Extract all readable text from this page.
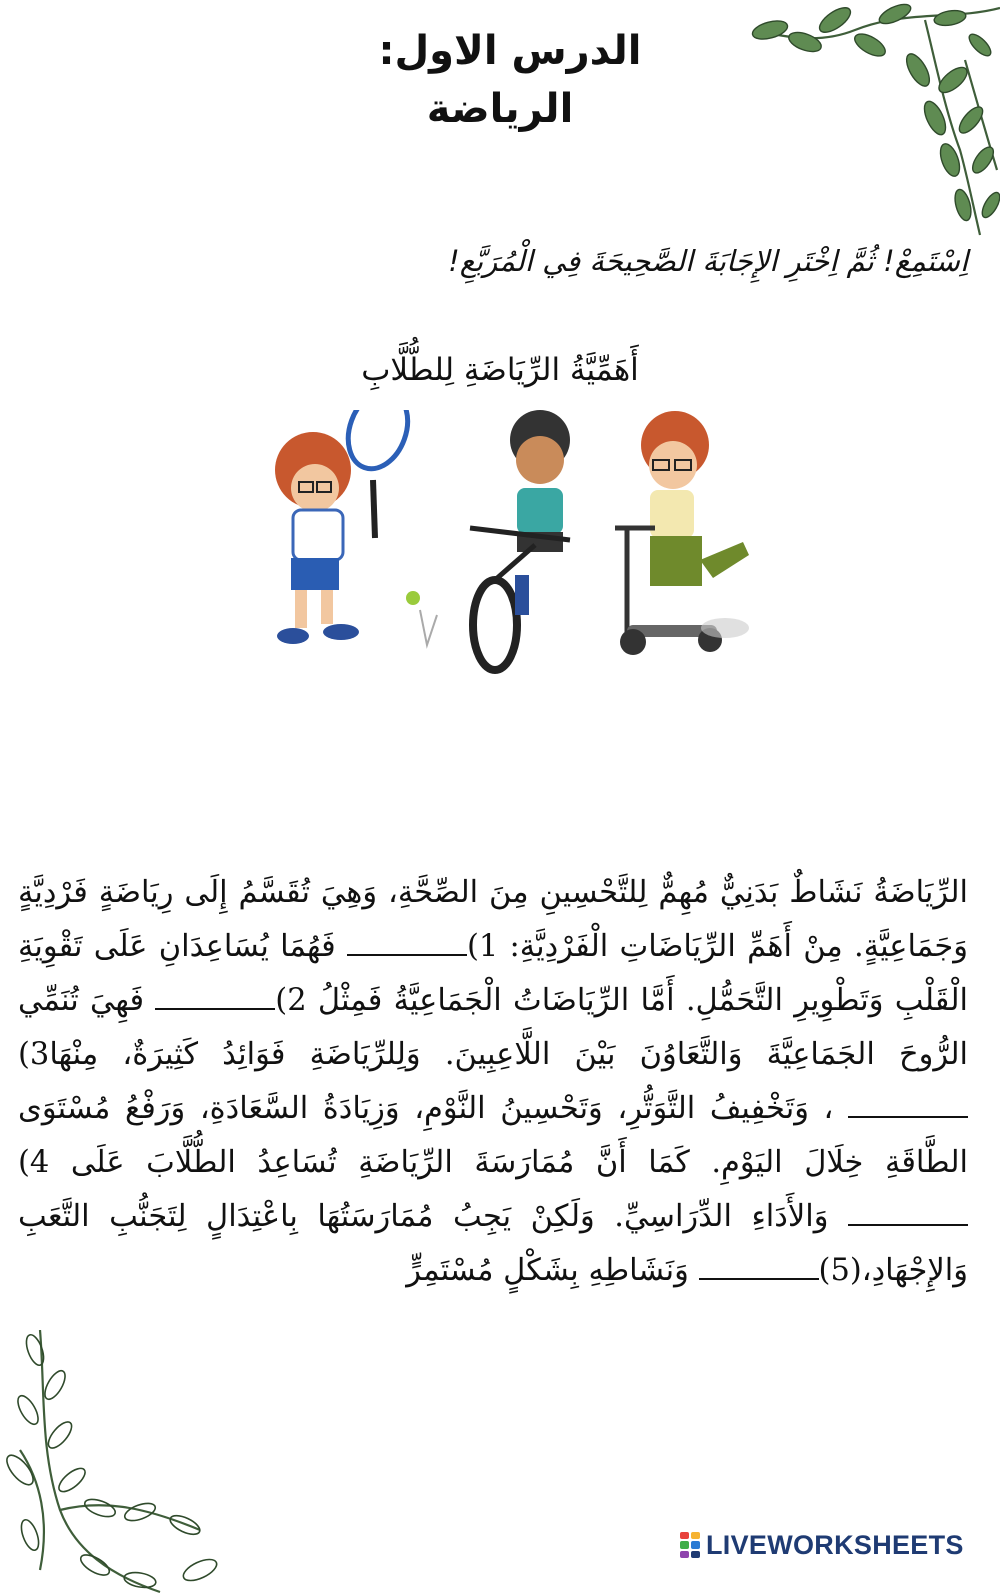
الدرس الاول:
الرياضة
اِسْتَمِعْ! ثُمَّ اِخْتَرِ الإِجَابَةَ الصَّحِيحَةَ فِي الْمُرَبَّعِ!
أَهَمِّيَّةُ الرِّيَاضَةِ لِلطُّلَّابِ
الرِّيَاضَةُ نَشَاطٌ بَدَنِيٌّ مُهِمٌّ لِلتَّحْسِينِ مِنَ الصِّحَّةِ، وَهِيَ تُقَسَّمُ إِلَى رِيَاضَةٍ فَرْدِيَّةٍ وَجَمَاعِيَّةٍ. مِنْ أَهَمِّ الرِّيَاضَاتِ الْفَرْدِيَّةِ: 1) فَهُمَا يُسَاعِدَانِ عَلَى تَقْوِيَةِ الْقَلْبِ وَتَطْوِيرِ التَّحَمُّلِ. أَمَّا الرِّيَاضَاتُ الْجَمَاعِيَّةُ فَمِثْلُ 2) فَهِيَ تُنَمِّي الرُّوحَ الجَمَاعِيَّةَ وَالتَّعَاوُنَ بَيْنَ اللَّاعِبِينَ. وَلِلرِّيَاضَةِ فَوَائِدُ كَثِيرَةٌ، مِنْهَا3) ، وَتَخْفِيفُ التَّوَتُّرِ، وَتَحْسِينُ النَّوْمِ، وَزِيَادَةُ السَّعَادَةِ، وَرَفْعُ مُسْتَوَى الطَّاقَةِ خِلَالَ اليَوْمِ. كَمَا أَنَّ مُمَارَسَةَ الرِّيَاضَةِ تُسَاعِدُ الطُّلَّابَ عَلَى 4) وَالأَدَاءِ الدِّرَاسِيِّ. وَلَكِنْ يَجِبُ مُمَارَسَتُهَا بِاعْتِدَالٍ لِتَجَنُّبِ التَّعَبِ وَالإِجْهَادِ،(5) وَنَشَاطِهِ بِشَكْلٍ مُسْتَمِرٍّ
LIVEWORKSHEETS
